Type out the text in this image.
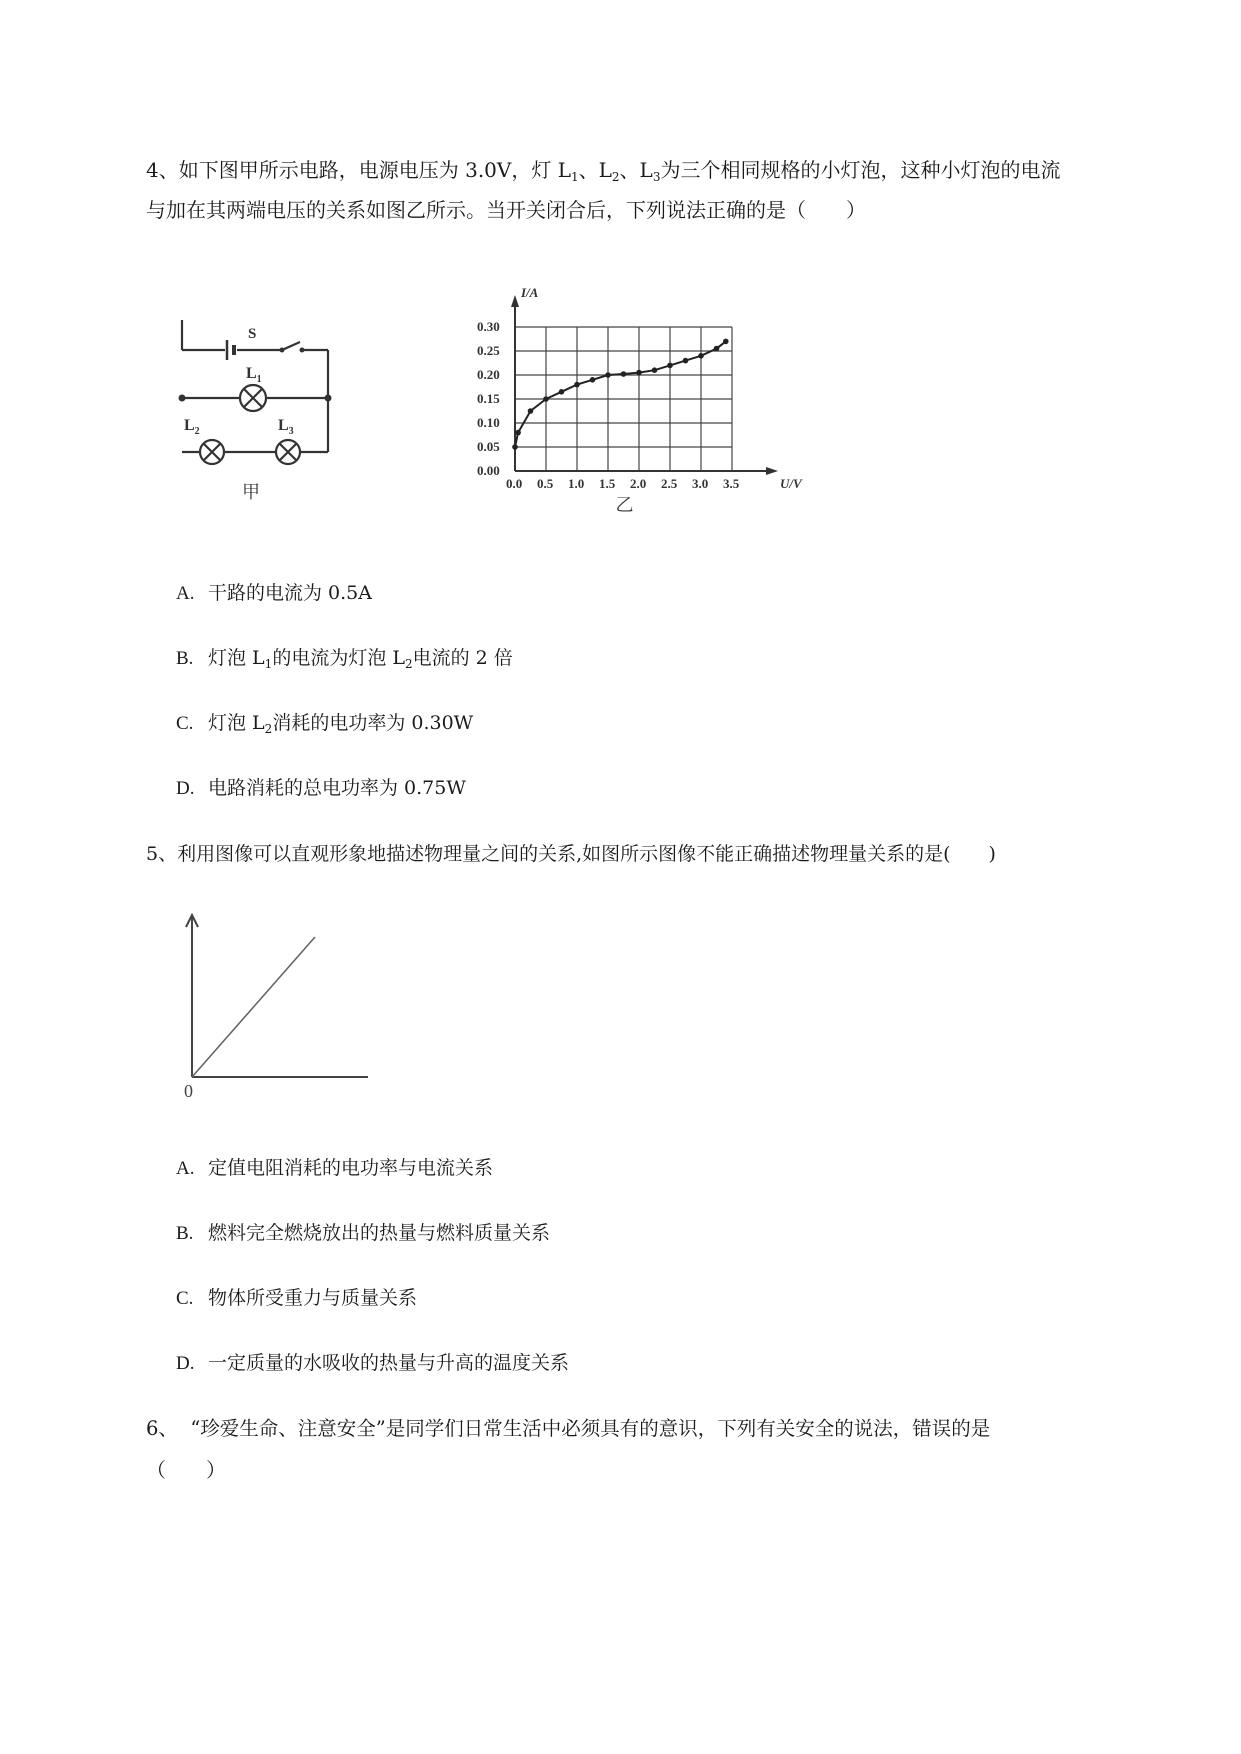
4、如下图甲所示电路，电源电压为 3.0V，灯 $L_1$、$L_2$、$L_3$为三个相同规格的小灯泡，这种小灯泡的电流
与加在其两端电压的关系如图乙所示。当开关闭合后，下列说法正确的是（　　）
S
$L_1$
$L_2$	$L_3$
甲	0.0 0.5 1.0 1.5 2.0 2.5 3.0 3.5
0.00
0.05
0.10
0.15
0.20
0.25
0.30
I/A
U/V
乙
A. 干路的电流为 0.5A
B. 灯泡 $L_1$的电流为灯泡 $L_2$电流的 2 倍
C. 灯泡 $L_2$消耗的电功率为 0.30W
D. 电路消耗的总电功率为 0.75W
5、利用图像可以直观形象地描述物理量之间的关系,如图所示图像不能正确描述物理量关系的是(　　)
0
A. 定值电阻消耗的电功率与电流关系
B. 燃料完全燃烧放出的热量与燃料质量关系
C. 物体所受重力与质量关系
D. 一定质量的水吸收的热量与升高的温度关系
6、 “珍爱生命、注意安全”是同学们日常生活中必须具有的意识，下列有关安全的说法，错误的是
（　　）
